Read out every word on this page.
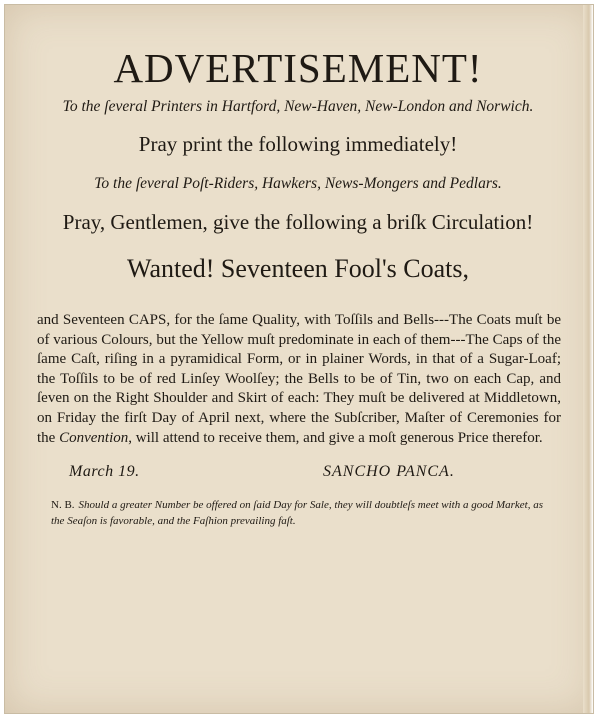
ADVERTISEMENT!

To the ſeveral Printers in Hartford, New-Haven, New-London and Norwich.

Pray print the following immediately!

To the ſeveral Poſt-Riders, Hawkers, News-Mongers and Pedlars.

Pray, Gentlemen, give the following a briſk Circulation!

Wanted! Seventeen Fool's Coats,

and Seventeen CAPS, for the ſame Quality, with Toſſils and Bells---The Coats muſt be of various Colours, but the Yellow muſt predominate in each of them---The Caps of the ſame Caſt, riſing in a pyramidical Form, or in plainer Words, in that of a Sugar-Loaf; the Toſſils to be of red Linſey Woolſey; the Bells to be of Tin, two on each Cap, and ſeven on the Right Shoulder and Skirt of each: They muſt be delivered at Middletown, on Friday the firſt Day of April next, where the Subſcriber, Maſter of Ceremonies for the Convention, will attend to receive them, and give a moſt generous Price therefor.

March 19.	SANCHO PANCA.

N. B. Should a greater Number be offered on ſaid Day for Sale, they will doubtleſs meet with a good Market, as the Seaſon is favorable, and the Faſhion prevailing faſt.
